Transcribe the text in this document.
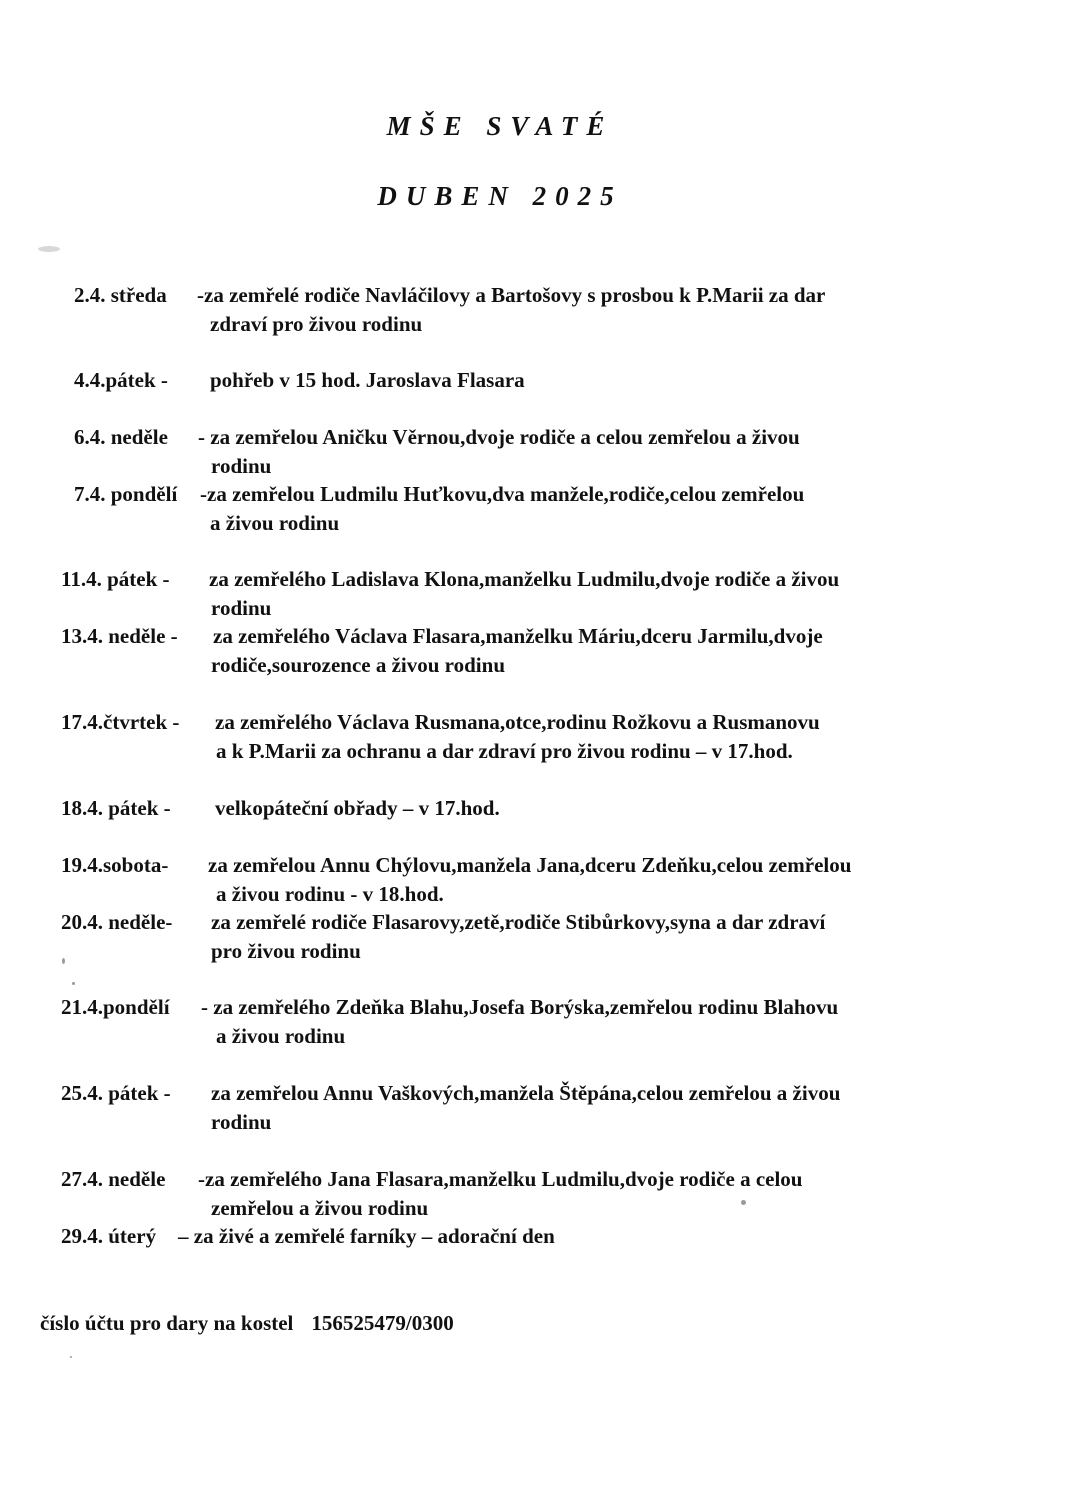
MŠE SVATÉ
DUBEN 2025
2.4. středa -za zemřelé rodiče Navláčilovy a Bartošovy s prosbou k P.Marii za dar
zdraví pro živou rodinu
4.4.pátek - pohřeb v 15 hod. Jaroslava Flasara
6.4. neděle - za zemřelou Aničku Věrnou,dvoje rodiče a celou zemřelou a živou
rodinu
7.4. pondělí -za zemřelou Ludmilu Huťkovu,dva manžele,rodiče,celou zemřelou
a živou rodinu
11.4. pátek - za zemřelého Ladislava Klona,manželku Ludmilu,dvoje rodiče a živou
rodinu
13.4. neděle - za zemřelého Václava Flasara,manželku Máriu,dceru Jarmilu,dvoje
rodiče,sourozence a živou rodinu
17.4.čtvrtek - za zemřelého Václava Rusmana,otce,rodinu Rožkovu a Rusmanovu
a k P.Marii za ochranu a dar zdraví pro živou rodinu – v 17.hod.
18.4. pátek - velkopáteční obřady – v 17.hod.
19.4.sobota- za zemřelou Annu Chýlovu,manžela Jana,dceru Zdeňku,celou zemřelou
a živou rodinu - v 18.hod.
20.4. neděle- za zemřelé rodiče Flasarovy,zetě,rodiče Stibůrkovy,syna a dar zdraví
pro živou rodinu
21.4.pondělí - za zemřelého Zdeňka Blahu,Josefa Borýska,zemřelou rodinu Blahovu
a živou rodinu
25.4. pátek - za zemřelou Annu Vaškových,manžela Štěpána,celou zemřelou a živou
rodinu
27.4. neděle -za zemřelého Jana Flasara,manželku Ludmilu,dvoje rodiče a celou
zemřelou a živou rodinu
29.4. úterý – za živé a zemřelé farníky – adorační den
číslo účtu pro dary na kostel 156525479/0300
